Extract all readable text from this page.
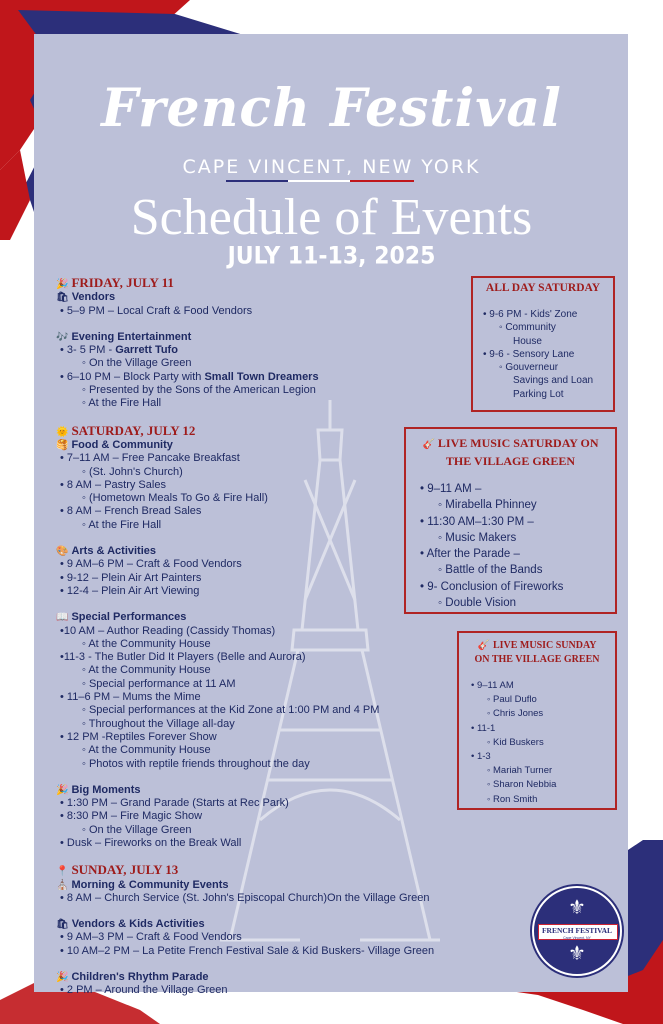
French Festival
CAPE VINCENT, NEW YORK
Schedule of Events
JULY 11-13, 2025

🎉 FRIDAY, JULY 11

🛍 Vendors

• 5–9 PM – Local Craft & Food Vendors

🎶 Evening Entertainment

• 3- 5 PM - Garrett Tufo

◦ On the Village Green

• 6–10 PM – Block Party with Small Town Dreamers

◦ Presented by the Sons of the American Legion

◦ At the Fire Hall

🌞 SATURDAY, JULY 12

🥞 Food & Community

• 7–11 AM – Free Pancake Breakfast

◦ (St. John's Church)

• 8 AM – Pastry Sales

◦ (Hometown Meals To Go & Fire Hall)

• 8 AM – French Bread Sales

◦ At the Fire Hall

🎨 Arts & Activities

• 9 AM–6 PM – Craft & Food Vendors

• 9-12 – Plein Air Art Painters

• 12-4 – Plein Air Art Viewing

📖 Special Performances

•10 AM – Author Reading (Cassidy Thomas)

◦ At the Community House

•11-3 - The Butler Did It Players (Belle and Aurora)

◦ At the Community House

◦ Special performance at 11 AM

• 11–6 PM – Mums the Mime

◦ Special performances at the Kid Zone at 1:00 PM and 4 PM

◦ Throughout the Village all-day

• 12 PM -Reptiles Forever Show

◦ At the Community House

◦ Photos with reptile friends throughout the day

🎉 Big Moments

• 1:30 PM – Grand Parade (Starts at Rec Park)

• 8:30 PM – Fire Magic Show

◦ On the Village Green

• Dusk – Fireworks on the Break Wall

📍 SUNDAY, JULY 13

⛪ Morning & Community Events

• 8 AM – Church Service (St. John's Episcopal Church)On the Village Green

🛍 Vendors & Kids Activities

• 9 AM–3 PM – Craft & Food Vendors

• 10 AM–2 PM – La Petite French Festival Sale & Kid Buskers- Village Green

🎉 Children's Rhythm Parade

• 2 PM – Around the Village Green

ALL DAY SATURDAY
• 9-6 PM - Kids' Zone
◦ Community
House
• 9-6 - Sensory Lane
◦ Gouverneur
Savings and Loan
Parking Lot
🎸 LIVE MUSIC SATURDAY ON
THE VILLAGE GREEN
• 9–11 AM –
◦ Mirabella Phinney
• 11:30 AM–1:30 PM –
◦ Music Makers
• After the Parade –
◦ Battle of the Bands
• 9- Conclusion of Fireworks
◦ Double Vision
🎸 LIVE MUSIC SUNDAY
ON THE VILLAGE GREEN
• 9–11 AM
◦ Paul Duflo
◦ Chris Jones
• 11-1
◦ Kid Buskers
• 1-3
◦ Mariah Turner
◦ Sharon Nebbia
◦ Ron Smith
⚜
FRENCH FESTIVAL
Cape Vincent, NY
⚜
